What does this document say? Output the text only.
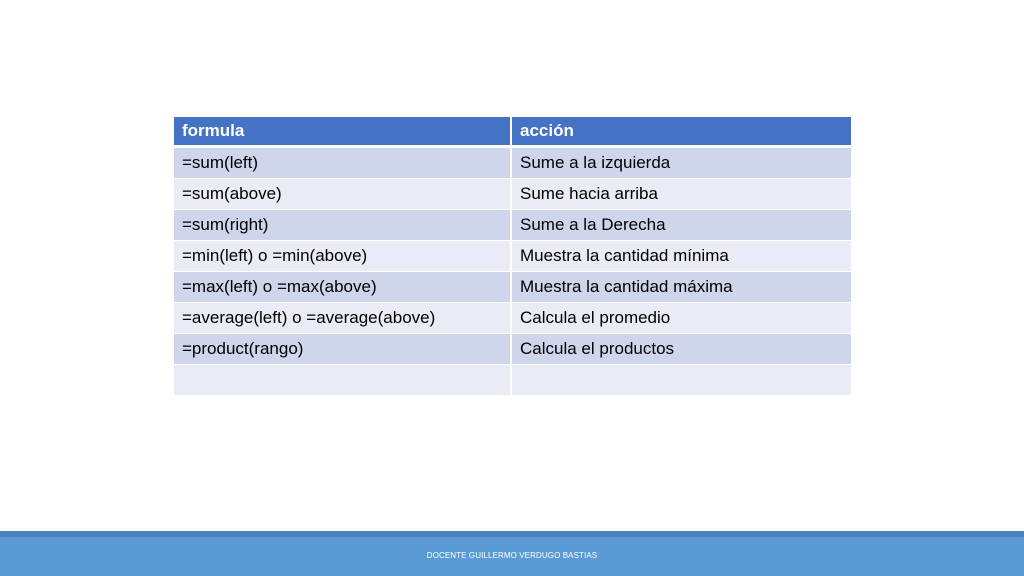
formula	acción
=sum(left)	Sume a la izquierda
=sum(above)	Sume hacia arriba
=sum(right)	Sume a la Derecha
=min(left) o =min(above)	Muestra la cantidad mínima
=max(left) o =max(above)	Muestra la cantidad máxima
=average(left) o =average(above)	Calcula el promedio
=product(rango)	Calcula el productos

DOCENTE GUILLERMO VERDUGO BASTIAS
